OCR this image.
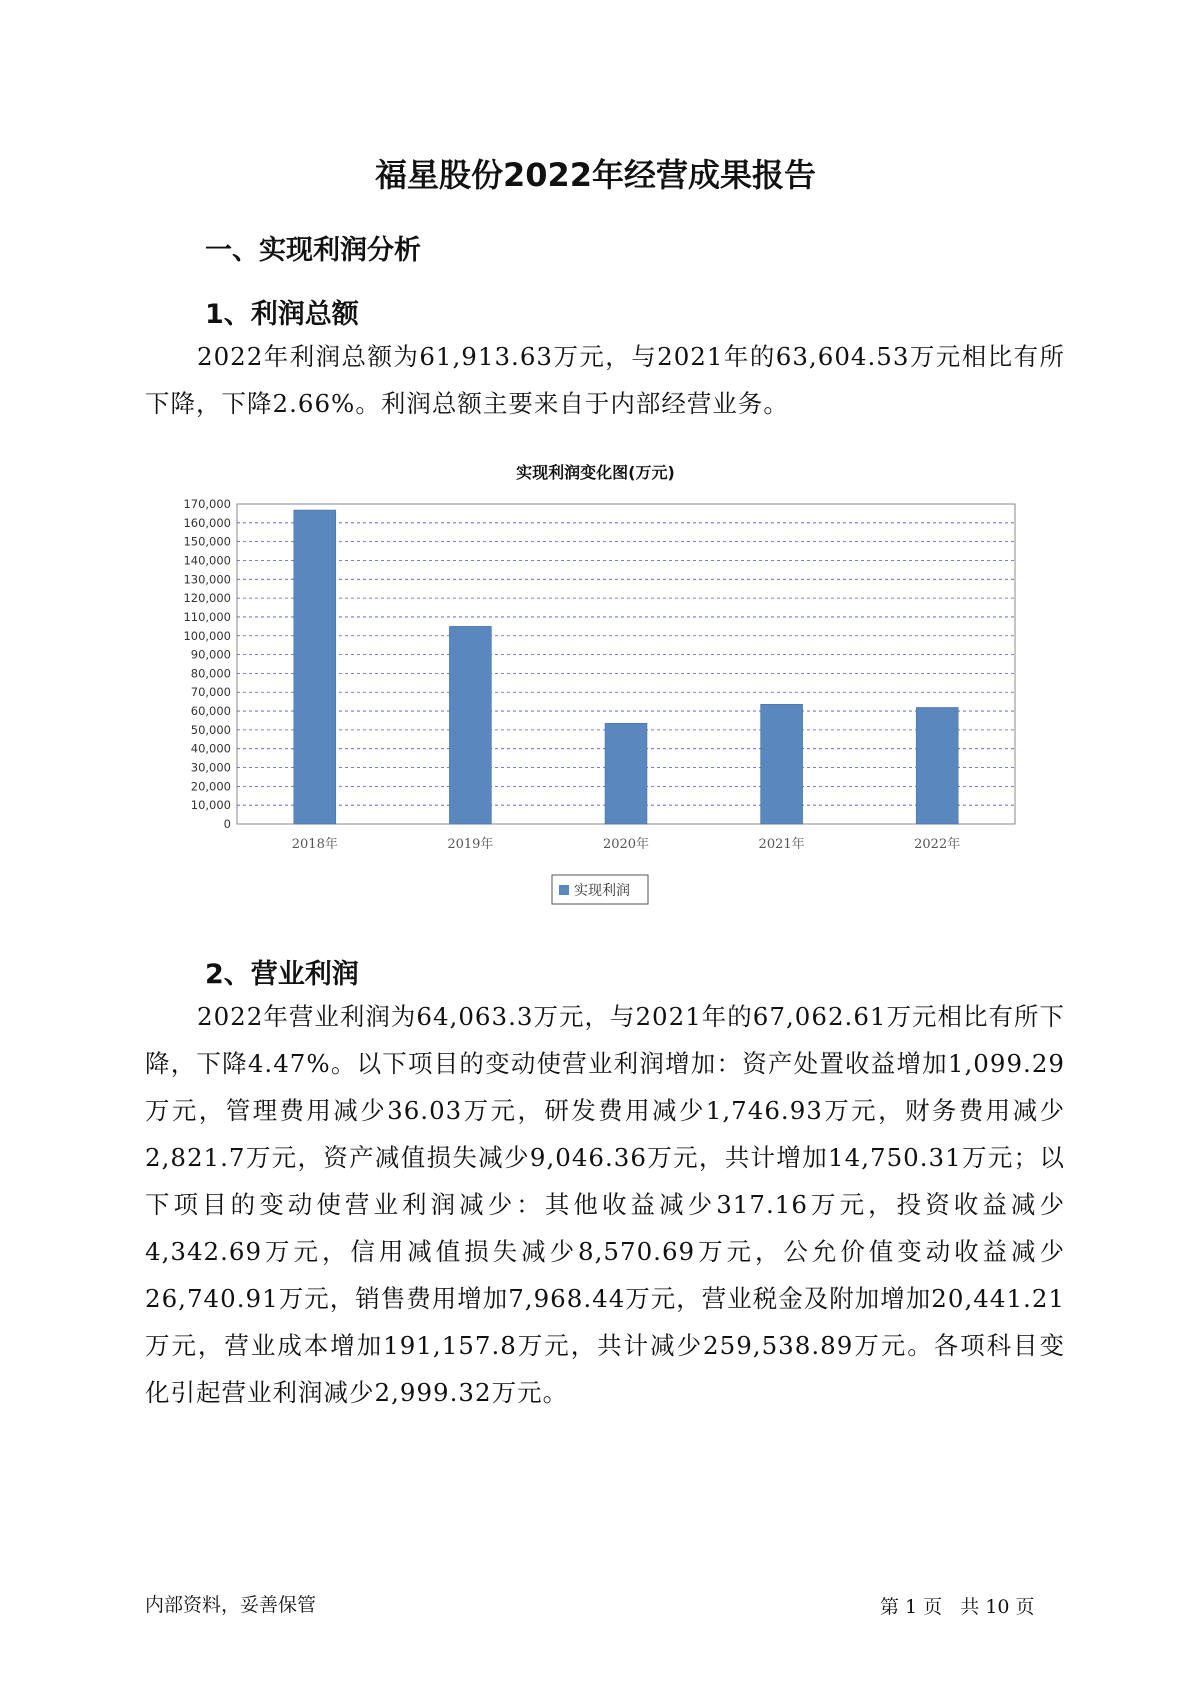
福星股份2022年经营成果报告
一、实现利润分析
1、利润总额

2022年利润总额为61,913.63万元，与2021年的63,604.53万元相比有所下降，下降2.66%。利润总额主要来自于内部经营业务。

实现利润变化图(万元)
0
10,000
20,000
30,000
40,000
50,000
60,000
70,000
80,000
90,000
100,000
110,000
120,000
130,000
140,000
150,000
160,000
170,000
2018年	2019年	2020年	2021年	2022年
实现利润
2、营业利润

2022年营业利润为64,063.3万元，与2021年的67,062.61万元相比有所下降，下降4.47%。以下项目的变动使营业利润增加：资产处置收益增加1,099.29万元，管理费用减少36.03万元，研发费用减少1,746.93万元，财务费用减少2,821.7万元，资产减值损失减少9,046.36万元，共计增加14,750.31万元；以下项目的变动使营业利润减少：其他收益减少317.16万元，投资收益减少4,342.69万元，信用减值损失减少8,570.69万元，公允价值变动收益减少26,740.91万元，销售费用增加7,968.44万元，营业税金及附加增加20,441.21万元，营业成本增加191,157.8万元，共计减少259,538.89万元。各项科目变化引起营业利润减少2,999.32万元。

内部资料，妥善保管	第 1 页   共 10 页
